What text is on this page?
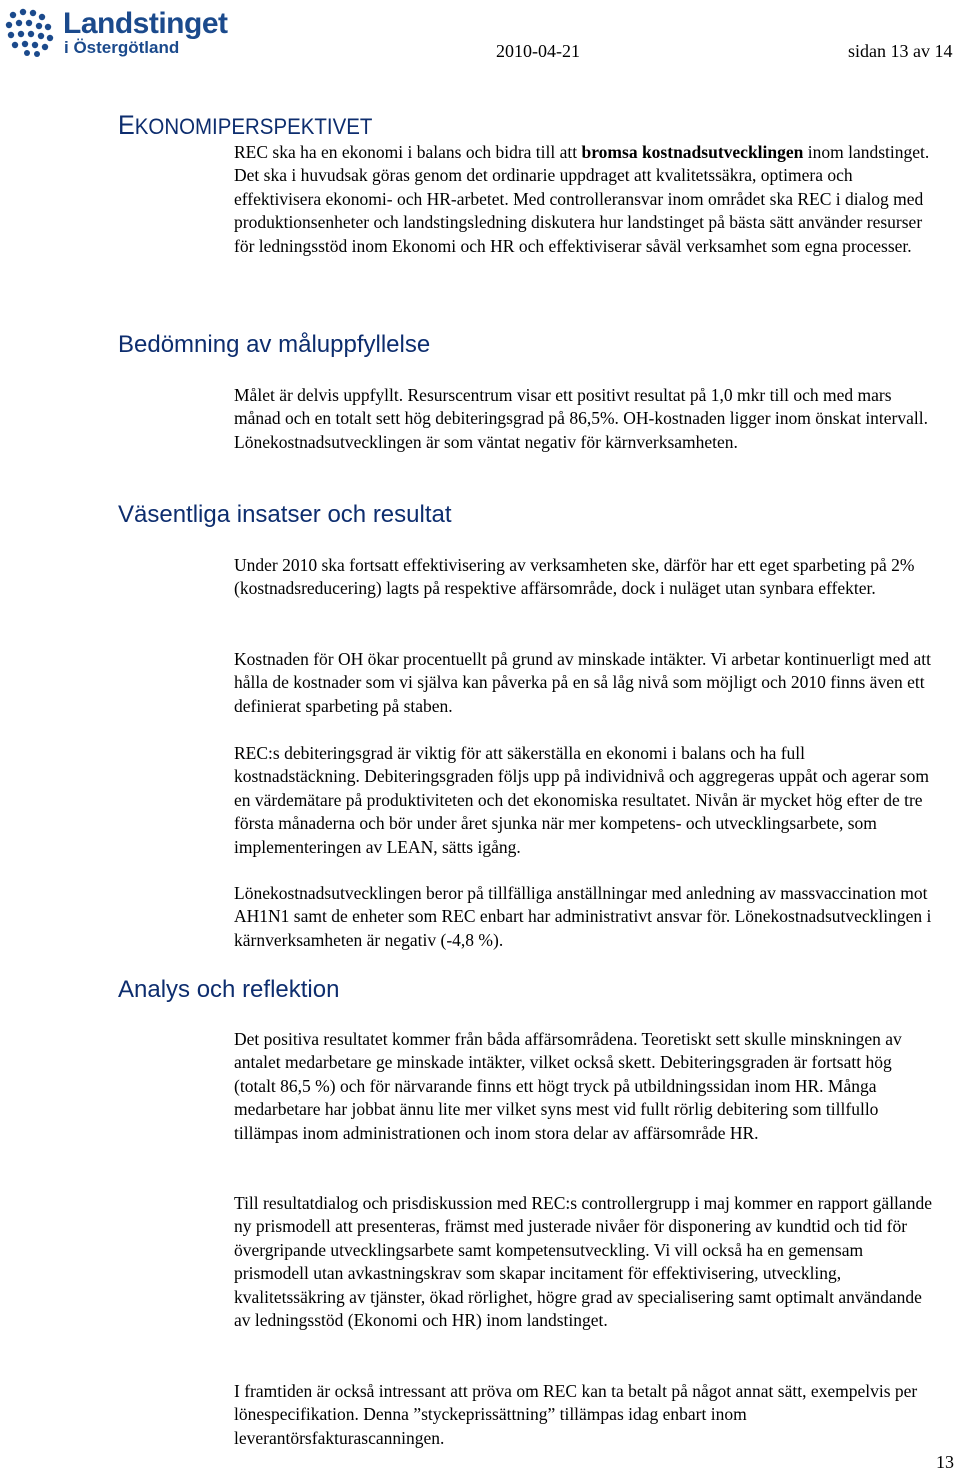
Landstinget
i Östergötland	2010-04-21	sidan 13 av 14
EKONOMIPERSPEKTIVET

REC ska ha en ekonomi i balans och bidra till att bromsa kostnadsutvecklingen inom landstinget. Det ska i huvudsak göras genom det ordinarie uppdraget att kvalitetssäkra, optimera och effektivisera ekonomi- och HR-arbetet. Med controlleransvar inom området ska REC i dialog med produktionsenheter och landstingsledning diskutera hur landstinget på bästa sätt använder resurser för ledningsstöd inom Ekonomi och HR och effektiviserar såväl verksamhet som egna processer.

Bedömning av måluppfyllelse

Målet är delvis uppfyllt. Resurscentrum visar ett positivt resultat på 1,0 mkr till och med mars månad och en totalt sett hög debiteringsgrad på 86,5%. OH-kostnaden ligger inom önskat intervall. Lönekostnadsutvecklingen är som väntat negativ för kärnverksamheten.

Väsentliga insatser och resultat

Under 2010 ska fortsatt effektivisering av verksamheten ske, därför har ett eget sparbeting på 2% (kostnadsreducering) lagts på respektive affärsområde, dock i nuläget utan synbara effekter.

Kostnaden för OH ökar procentuellt på grund av minskade intäkter. Vi arbetar kontinuerligt med att hålla de kostnader som vi själva kan påverka på en så låg nivå som möjligt och 2010 finns även ett definierat sparbeting på staben.

REC:s debiteringsgrad är viktig för att säkerställa en ekonomi i balans och ha full kostnadstäckning. Debiteringsgraden följs upp på individnivå och aggregeras uppåt och agerar som en värdemätare på produktiviteten och det ekonomiska resultatet. Nivån är mycket hög efter de tre första månaderna och bör under året sjunka när mer kompetens- och utvecklingsarbete, som implementeringen av LEAN, sätts igång.

Lönekostnadsutvecklingen beror på tillfälliga anställningar med anledning av massvaccination mot AH1N1 samt de enheter som REC enbart har administrativt ansvar för. Lönekostnadsutvecklingen i kärnverksamheten är negativ (-4,8 %).

Analys och reflektion

Det positiva resultatet kommer från båda affärsområdena. Teoretiskt sett skulle minskningen av antalet medarbetare ge minskade intäkter, vilket också skett. Debiteringsgraden är fortsatt hög (totalt 86,5 %) och för närvarande finns ett högt tryck på utbildningssidan inom HR. Många medarbetare har jobbat ännu lite mer vilket syns mest vid fullt rörlig debitering som tillfullo tillämpas inom administrationen och inom stora delar av affärsområde HR.

Till resultatdialog och prisdiskussion med REC:s controllergrupp i maj kommer en rapport gällande ny prismodell att presenteras, främst med justerade nivåer för disponering av kundtid och tid för övergripande utvecklingsarbete samt kompetensutveckling. Vi vill också ha en gemensam prismodell utan avkastningskrav som skapar incitament för effektivisering, utveckling, kvalitetssäkring av tjänster, ökad rörlighet, högre grad av specialisering samt optimalt användande av ledningsstöd (Ekonomi och HR) inom landstinget.

I framtiden är också intressant att pröva om REC kan ta betalt på något annat sätt, exempelvis per lönespecifikation. Denna ”styckeprissättning” tillämpas idag enbart inom leverantörsfakturascanningen.

13
